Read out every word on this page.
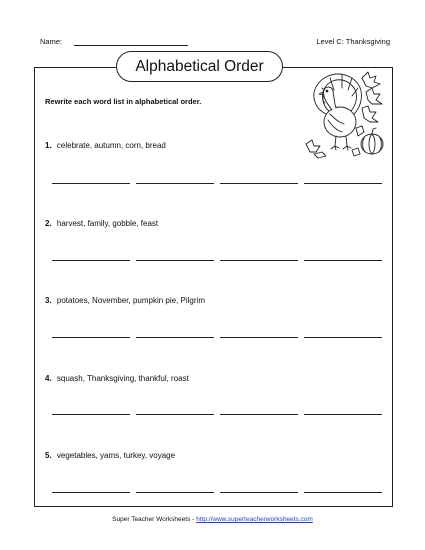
Name:	Level C: Thanksgiving
Alphabetical Order
Rewrite each word list in alphabetical order.
1. celebrate, autumn, corn, bread
2. harvest, family, gobble, feast
3. potatoes, November, pumpkin pie, Pilgrim
4. squash, Thanksgiving, thankful, roast
5. vegetables, yams, turkey, voyage
Super Teacher Worksheets - http://www.superteacherworksheets.com
